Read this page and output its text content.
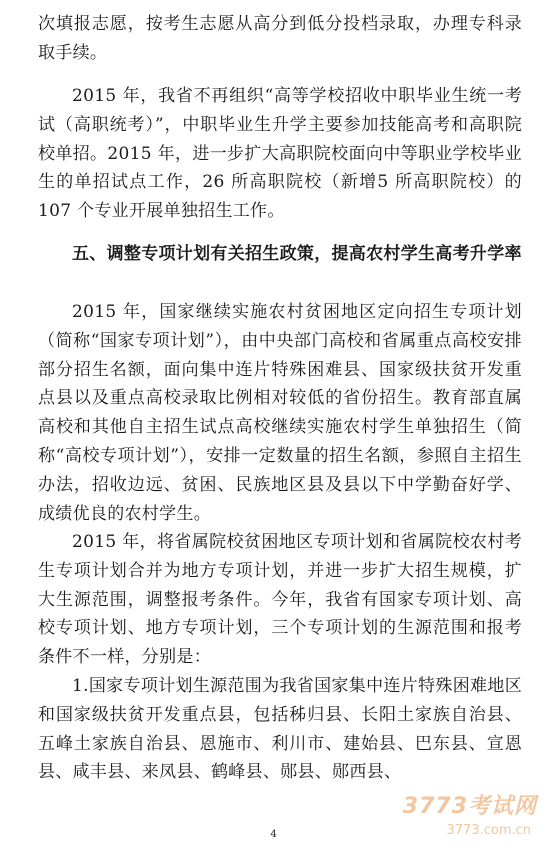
次填报志愿，按考生志愿从高分到低分投档录取，办理专科录取手续。

2015 年，我省不再组织“高等学校招收中职毕业生统一考试（高职统考）”，中职毕业生升学主要参加技能高考和高职院校单招。2015 年，进一步扩大高职院校面向中等职业学校毕业生的单招试点工作，26 所高职院校（新增5 所高职院校）的 107 个专业开展单独招生工作。

五、调整专项计划有关招生政策，提高农村学生高考升学率

2015 年，国家继续实施农村贫困地区定向招生专项计划（简称“国家专项计划”），由中央部门高校和省属重点高校安排部分招生名额，面向集中连片特殊困难县、国家级扶贫开发重点县以及重点高校录取比例相对较低的省份招生。教育部直属高校和其他自主招生试点高校继续实施农村学生单独招生（简称“高校专项计划”），安排一定数量的招生名额，参照自主招生办法，招收边远、贫困、民族地区县及县以下中学勤奋好学、成绩优良的农村学生。

2015 年，将省属院校贫困地区专项计划和省属院校农村考生专项计划合并为地方专项计划，并进一步扩大招生规模，扩大生源范围，调整报考条件。今年，我省有国家专项计划、高校专项计划、地方专项计划，三个专项计划的生源范围和报考条件不一样，分别是：

1.国家专项计划生源范围为我省国家集中连片特殊困难地区和国家级扶贫开发重点县，包括秭归县、长阳土家族自治县、五峰土家族自治县、恩施市、利川市、建始县、巴东县、宣恩县、咸丰县、来凤县、鹤峰县、郧县、郧西县、

4
3773考试网
3773.com.cn
